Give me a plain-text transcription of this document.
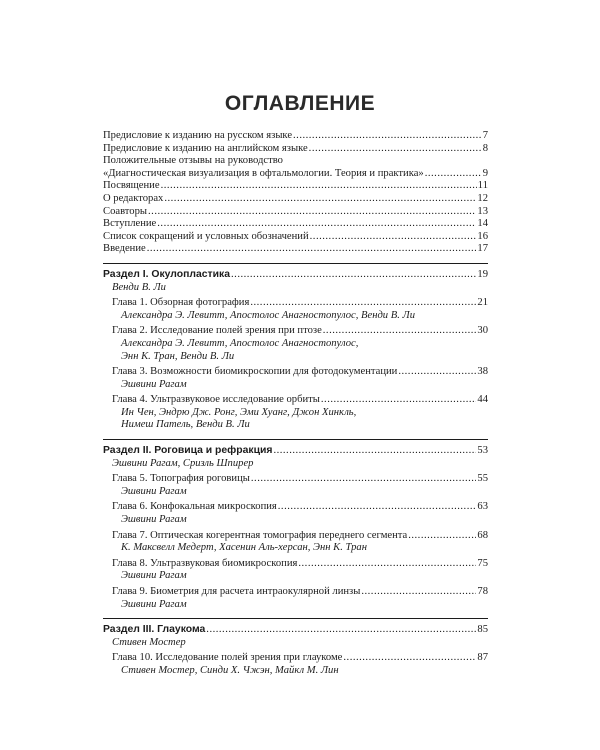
ОГЛАВЛЕНИЕ
Предисловие к изданию на русском языке .....	7
Предисловие к изданию на английском языке .....	8
Положительные отзывы на руководство
«Диагностическая визуализация в офтальмологии. Теория и практика» .....	9
Посвящение .....	11
О редакторах .....	12
Соавторы .....	13
Вступление .....	14
Список сокращений и условных обозначений .....	16
Введение .....	17
Раздел I. Окулопластика .....	19
Венди В. Ли
Глава 1. Обзорная фотография .....	21
Александра Э. Левитт, Апостолос Анагностопулос, Венди В. Ли
Глава 2. Исследование полей зрения при птозе .....	30
Александра Э. Левитт, Апостолос Анагностопулос,
Энн К. Тран, Венди В. Ли
Глава 3. Возможности биомикроскопии для фотодокументации .....	38
Эшвини Рагам
Глава 4. Ультразвуковое исследование орбиты .....	44
Ин Чен, Эндрю Дж. Ронг, Эми Хуанг, Джон Хинкль,
Нимеш Патель, Венди В. Ли
Раздел II. Роговица и рефракция .....	53
Эшвини Рагам, Сризль Шпирер
Глава 5. Топография роговицы .....	55
Эшвини Рагам
Глава 6. Конфокальная микроскопия .....	63
Эшвини Рагам
Глава 7. Оптическая когерентная томография переднего сегмента .....	68
К. Максвелл Медерт, Хасенин Аль-херсан, Энн К. Тран
Глава 8. Ультразвуковая биомикроскопия .....	75
Эшвини Рагам
Глава 9. Биометрия для расчета интраокулярной линзы .....	78
Эшвини Рагам
Раздел III. Глаукома .....	85
Стивен Мостер
Глава 10. Исследование полей зрения при глаукоме .....	87
Стивен Мостер, Синди Х. Чжэн, Майкл М. Лин
